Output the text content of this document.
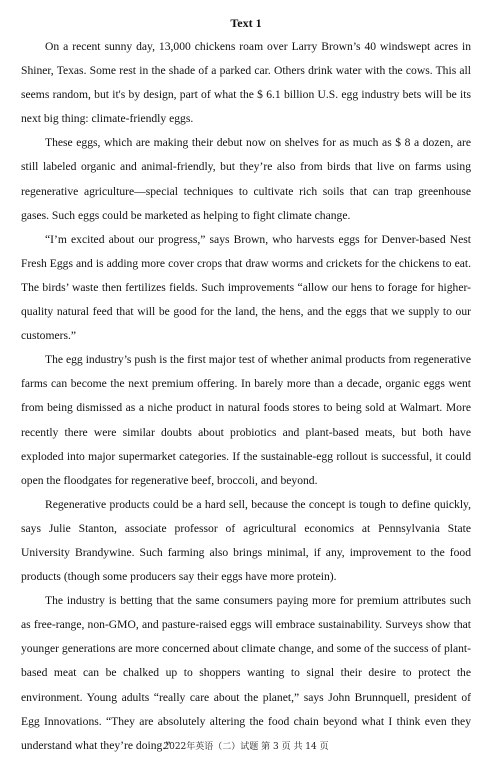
Text 1

On a recent sunny day, 13,000 chickens roam over Larry Brown’s 40 windswept acres in Shiner, Texas. Some rest in the shade of a parked car. Others drink water with the cows. This all seems random, but it's by design, part of what the $ 6.1 billion U.S. egg industry bets will be its next big thing: climate-friendly eggs.

These eggs, which are making their debut now on shelves for as much as $ 8 a dozen, are still labeled organic and animal-friendly, but they’re also from birds that live on farms using regenerative agriculture—special techniques to cultivate rich soils that can trap greenhouse gases. Such eggs could be marketed as helping to fight climate change.

“I’m excited about our progress,” says Brown, who harvests eggs for Denver-based Nest Fresh Eggs and is adding more cover crops that draw worms and crickets for the chickens to eat. The birds’ waste then fertilizes fields. Such improvements “allow our hens to forage for higher-quality natural feed that will be good for the land, the hens, and the eggs that we supply to our customers.”

The egg industry’s push is the first major test of whether animal products from regenerative farms can become the next premium offering. In barely more than a decade, organic eggs went from being dismissed as a niche product in natural foods stores to being sold at Walmart. More recently there were similar doubts about probiotics and plant-based meats, but both have exploded into major supermarket categories. If the sustainable-egg rollout is successful, it could open the floodgates for regenerative beef, broccoli, and beyond.

Regenerative products could be a hard sell, because the concept is tough to define quickly, says Julie Stanton, associate professor of agricultural economics at Pennsylvania State University Brandywine. Such farming also brings minimal, if any, improvement to the food products (though some producers say their eggs have more protein).

The industry is betting that the same consumers paying more for premium attributes such as free-range, non-GMO, and pasture-raised eggs will embrace sustainability. Surveys show that younger generations are more concerned about climate change, and some of the success of plant-based meat can be chalked up to shoppers wanting to signal their desire to protect the environment. Young adults “really care about the planet,” says John Brunnquell, president of Egg Innovations. “They are absolutely altering the food chain beyond what I think even they understand what they’re doing.”

2022年英语（二）试题 第 3 页 共 14 页
